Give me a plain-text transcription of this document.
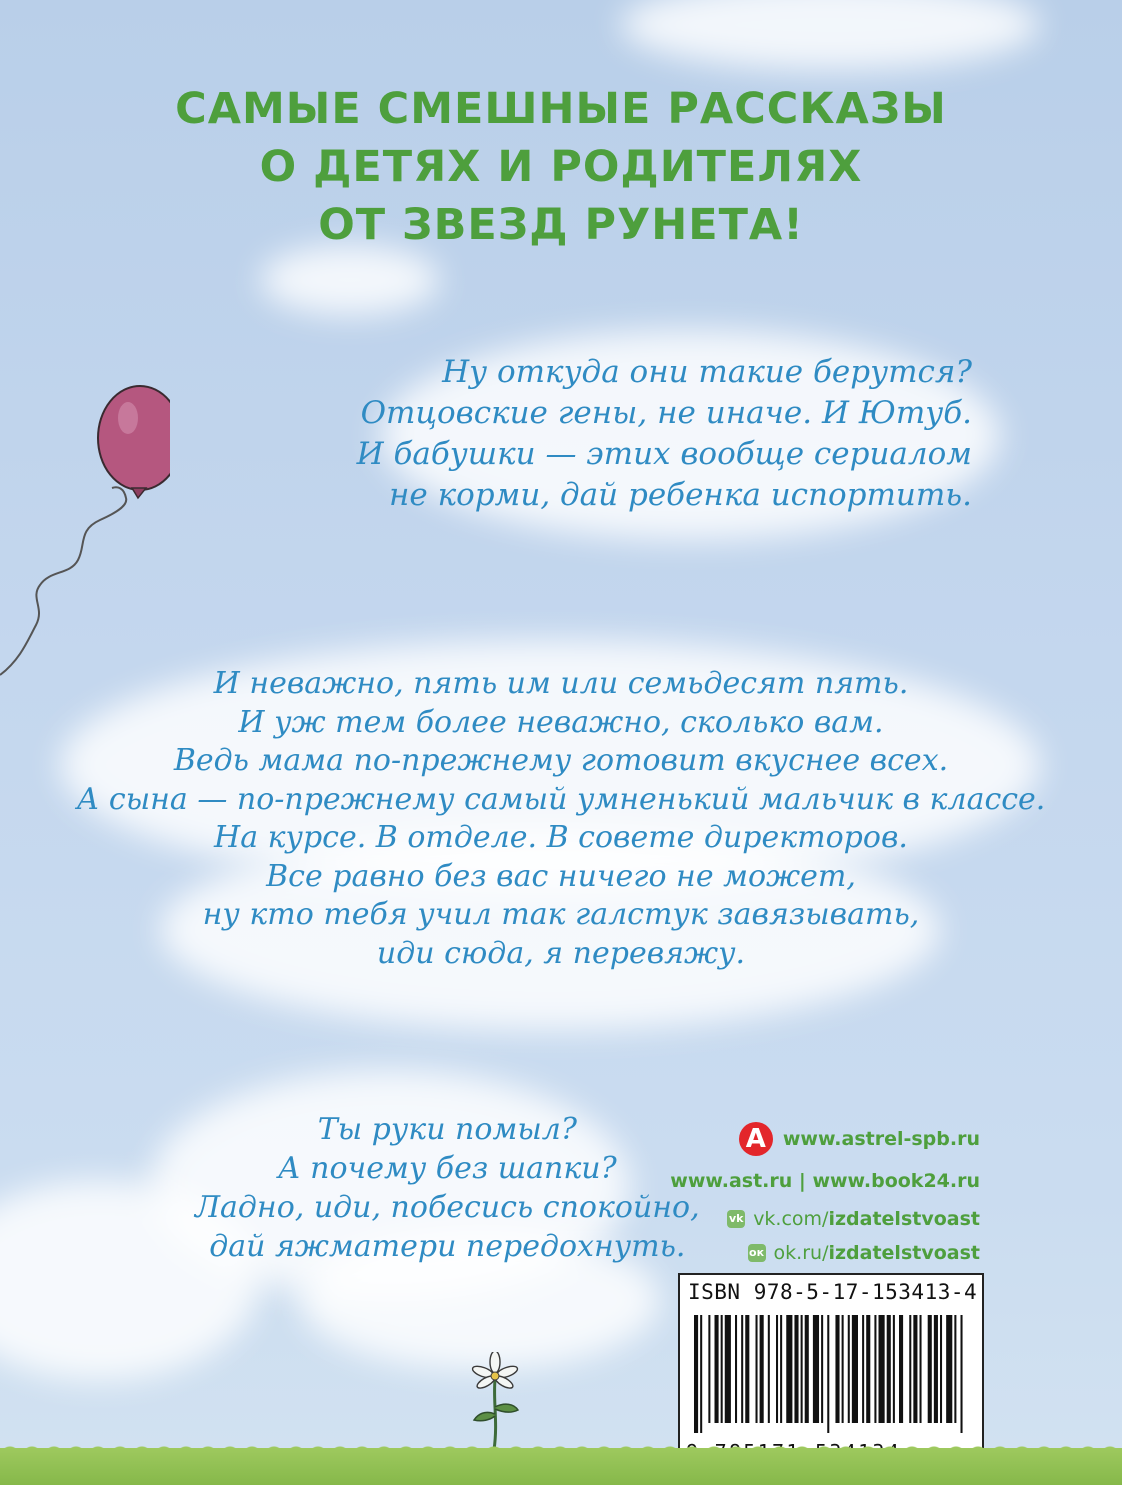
САМЫЕ СМЕШНЫЕ РАССКАЗЫ
О ДЕТЯХ И РОДИТЕЛЯХ
ОТ ЗВЕЗД РУНЕТА!

Ну откуда они такие берутся?
Отцовские гены, не иначе. И Ютуб.
И бабушки — этих вообще сериалом
не корми, дай ребенка испортить.

И неважно, пять им или семьдесят пять.
И уж тем более неважно, сколько вам.
Ведь мама по-прежнему готовит вкуснее всех.
А сына — по-прежнему самый умненький мальчик в классе.
На курсе. В отделе. В совете директоров.
Все равно без вас ничего не может,
ну кто тебя учил так галстук завязывать,
иди сюда, я перевяжу.

Ты руки помыл?
А почему без шапки?
Ладно, иди, побесись спокойно,
дай яжматери передохнуть.

А www.astrel-spb.ru
www.ast.ru | www.book24.ru
vk vk.com/ izdatelstvoast
ок ok.ru/ izdatelstvoast
ISBN 978-5-17-153413-4
